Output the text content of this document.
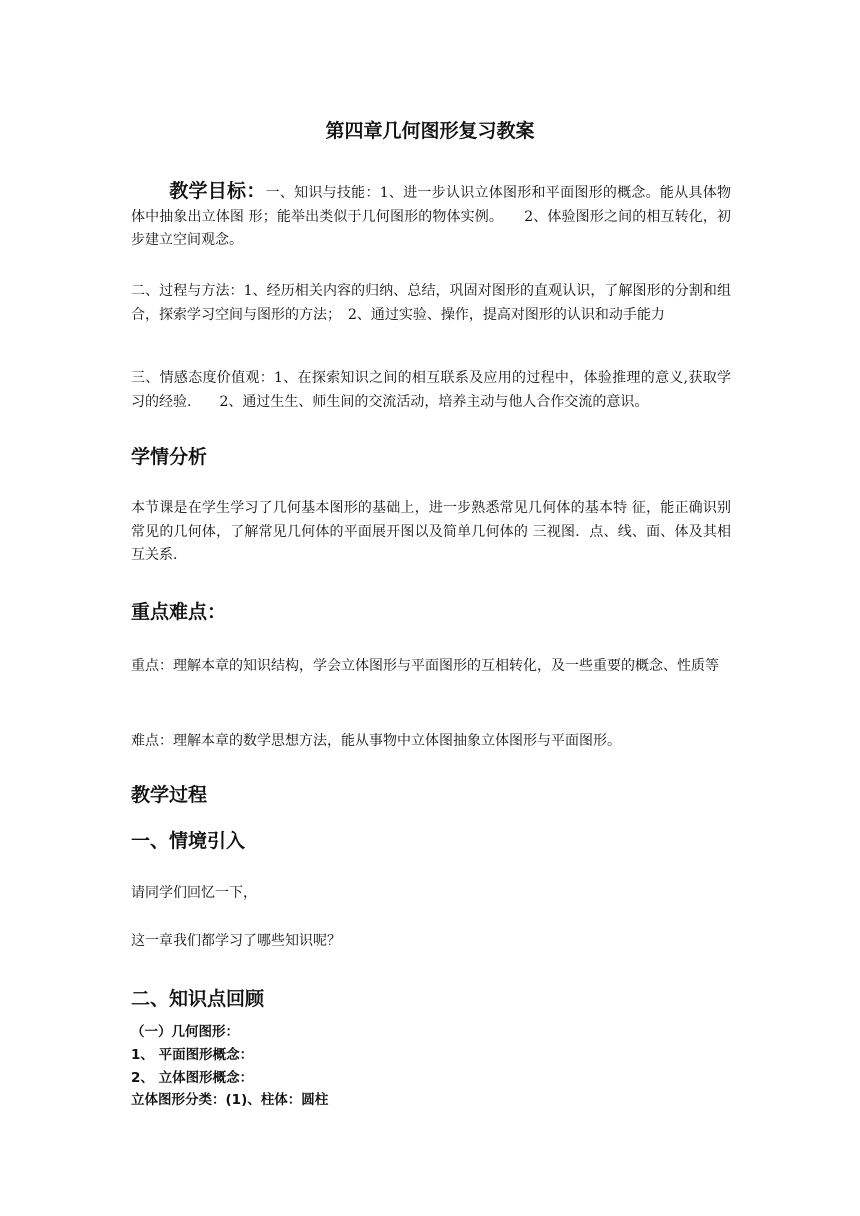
第四章几何图形复习教案

教学目标：一、知识与技能：1、进一步认识立体图形和平面图形的概念。能从具体物体中抽象出立体图 形；能举出类似于几何图形的物体实例。　　2、体验图形之间的相互转化，初步建立空间观念。

二、过程与方法：1、经历相关内容的归纳、总结，巩固对图形的直观认识，了解图形的分割和组合，探索学习空间与图形的方法；　2、通过实验、操作，提高对图形的认识和动手能力

三、情感态度价值观：1、在探索知识之间的相互联系及应用的过程中，体验推理的意义,获取学习的经验.　　2、通过生生、师生间的交流活动，培养主动与他人合作交流的意识。

学情分析

本节课是在学生学习了几何基本图形的基础上，进一步熟悉常见几何体的基本特 征，能正确识别常见的几何体，了解常见几何体的平面展开图以及简单几何体的 三视图．点、线、面、体及其相互关系.

重点难点：

重点：理解本章的知识结构，学会立体图形与平面图形的互相转化，及一些重要的概念、性质等

难点：理解本章的数学思想方法，能从事物中立体图抽象立体图形与平面图形。

教学过程
一、情境引入

请同学们回忆一下，

这一章我们都学习了哪些知识呢？

二、知识点回顾

（一）几何图形：

1、 平面图形概念：

2、 立体图形概念：

立体图形分类：(1)、柱体：圆柱
